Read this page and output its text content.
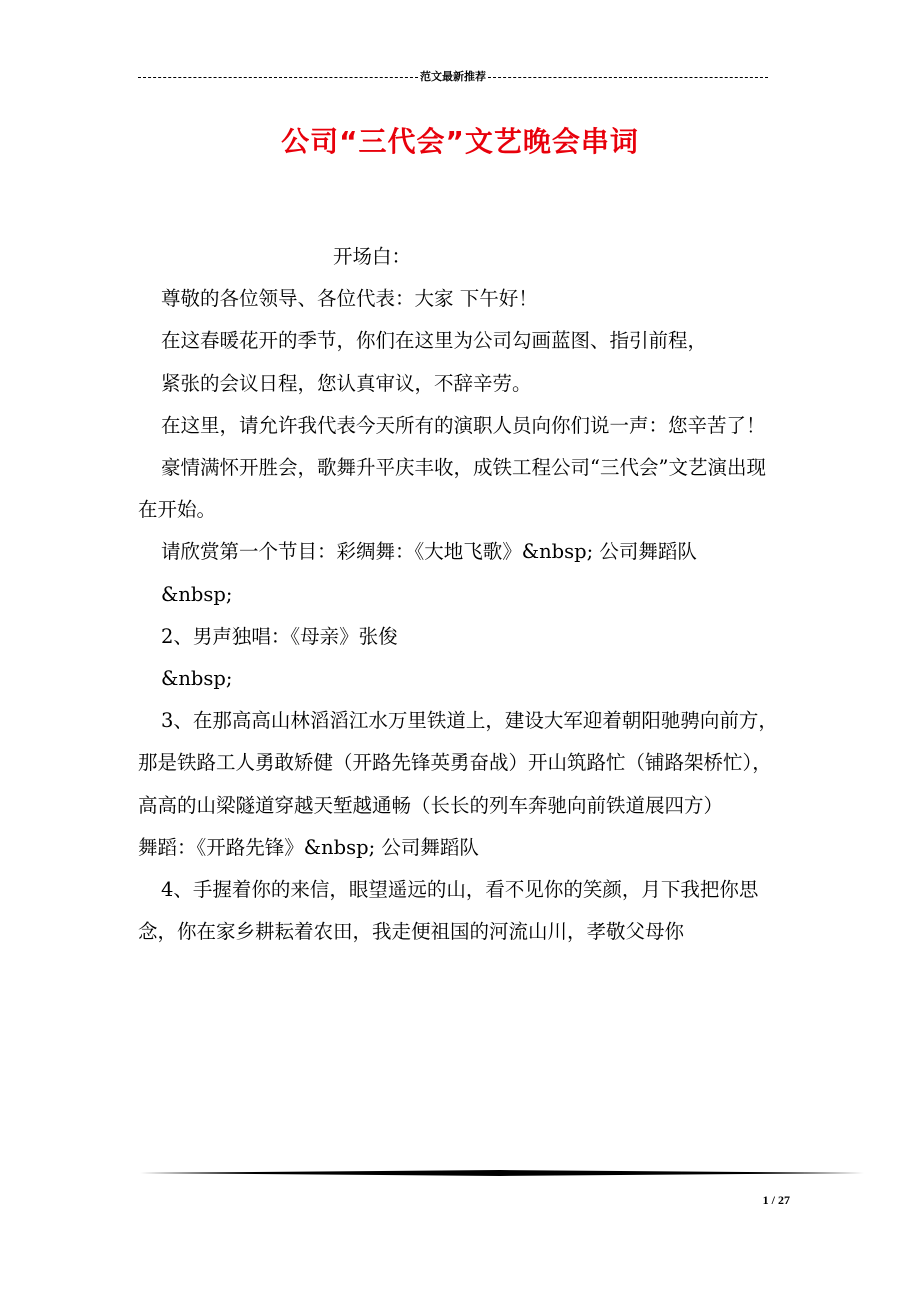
范文最新推荐
公司“三代会”文艺晚会串词

开场白：

尊敬的各位领导、各位代表：大家 下午好！

在这春暖花开的季节，你们在这里为公司勾画蓝图、指引前程，

紧张的会议日程，您认真审议，不辞辛劳。

在这里，请允许我代表今天所有的演职人员向你们说一声：您辛苦了！

豪情满怀开胜会，歌舞升平庆丰收，成铁工程公司“三代会”文艺演出现在开始。

请欣赏第一个节目：彩绸舞：《大地飞歌》&nbsp; 公司舞蹈队

&nbsp;

2、男声独唱：《母亲》张俊

&nbsp;

3、在那高高山林滔滔江水万里铁道上，建设大军迎着朝阳驰骋向前方，那是铁路工人勇敢矫健（开路先锋英勇奋战）开山筑路忙（铺路架桥忙），高高的山梁隧道穿越天堑越通畅（长长的列车奔驰向前铁道展四方）

舞蹈：《开路先锋》&nbsp; 公司舞蹈队

4、手握着你的来信，眼望遥远的山，看不见你的笑颜，月下我把你思念，你在家乡耕耘着农田，我走便祖国的河流山川，孝敬父母你

1 / 27
